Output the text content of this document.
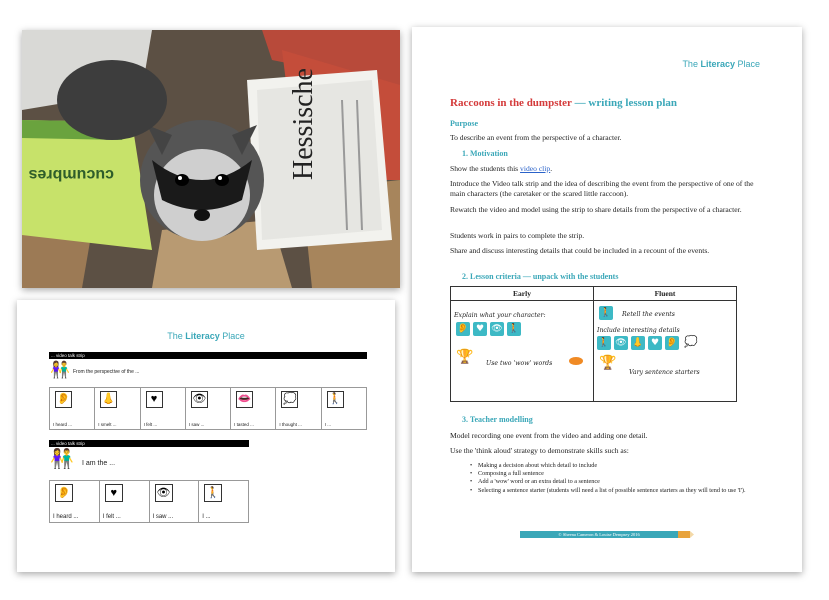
cucumbres	Hessische
The Literacy Place
... video talk strip
👫 From the perspective of the ...
👂
I heard ...
👃
I smelt ...
♥
I felt ...
👁
I saw ...
👄
I tasted ...
💭
I thought ...
🚶
I ...
... video talk strip
👫 I am the ...
👂
I heard ...
♥
I felt ...
👁
I saw ...
🚶
I ...
The Literacy Place
Raccoons in the dumpster — writing lesson plan
Purpose

To describe an event from the perspective of a character.

1. Motivation

Show the students this video clip.

Introduce the Video talk strip and the idea of describing the event from the perspective of one of the main characters (the caretaker or the scared little raccoon).

Rewatch the video and model using the strip to share details from the perspective of a character.

Students work in pairs to complete the strip.

Share and discuss interesting details that could be included in a recount of the events.

2. Lesson criteria — unpack with the students
Early	Fluent
Explain what your character:
👂 ♥ 👁 🚶
🏆 Use two 'wow' words
🚶 Retell the events
Include interesting details
🚶 👁 👃 ♥ 👂 💭
🏆
Vary sentence starters
3. Teacher modelling

Model recording one event from the video and adding one detail.

Use the 'think aloud' strategy to demonstrate skills such as:

• Making a decision about which detail to include
• Composing a full sentence
• Add a 'wow' word or an extra detail to a sentence
• Selecting a sentence starter (students will need a list of possible sentence starters as they will tend to use 'I').
© Sheena Cameron & Louise Dempsey 2016
